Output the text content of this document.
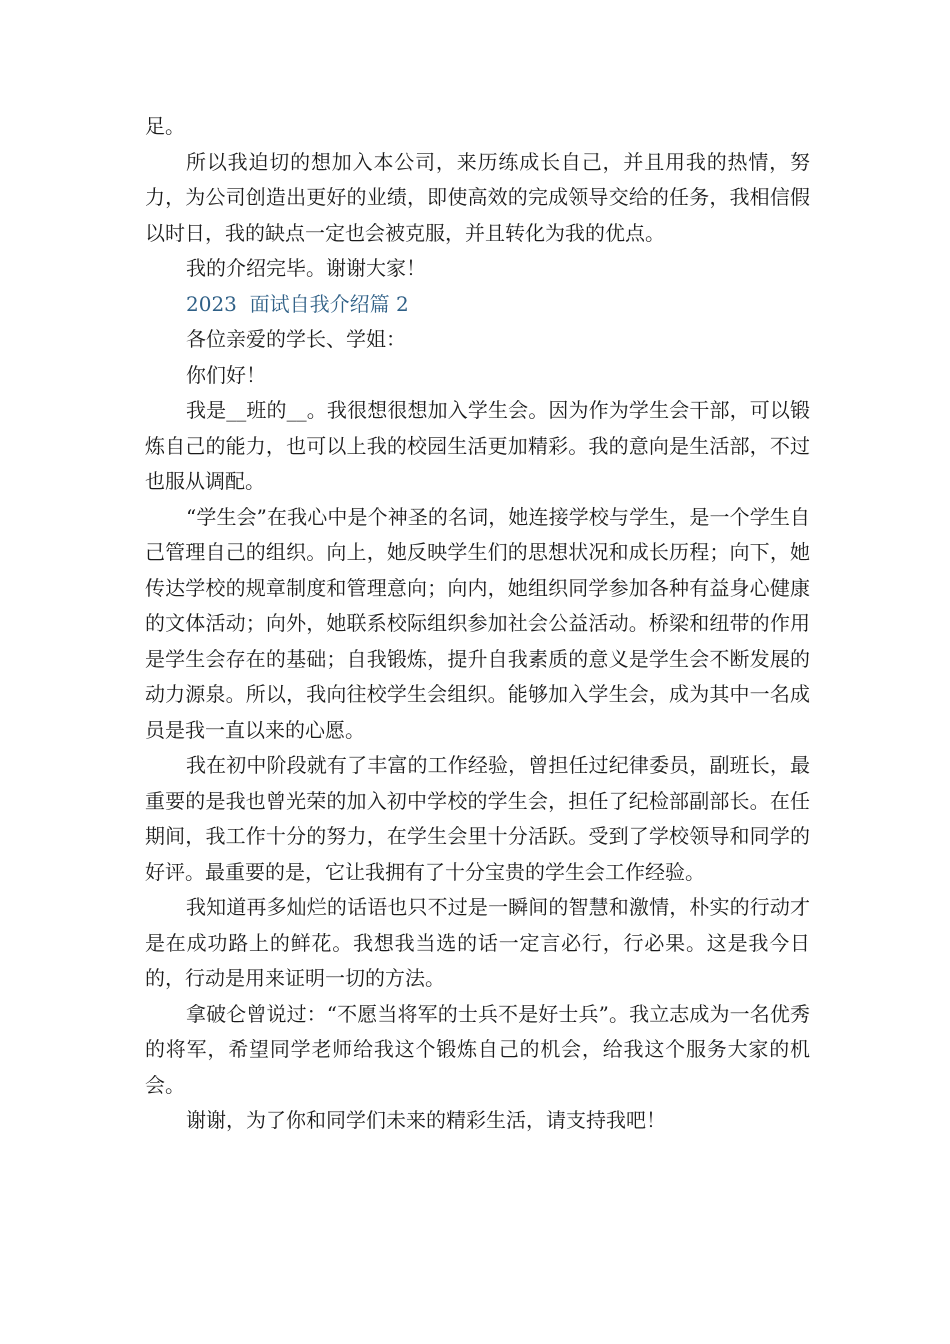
足。

所以我迫切的想加入本公司，来历练成长自己，并且用我的热情，努力，为公司创造出更好的业绩，即使高效的完成领导交给的任务，我相信假以时日，我的缺点一定也会被克服，并且转化为我的优点。

我的介绍完毕。谢谢大家！

2023  面试自我介绍篇 2

各位亲爱的学长、学姐：

你们好！

我是__班的__。我很想很想加入学生会。因为作为学生会干部，可以锻炼自己的能力，也可以上我的校园生活更加精彩。我的意向是生活部，不过也服从调配。

“学生会”在我心中是个神圣的名词，她连接学校与学生，是一个学生自己管理自己的组织。向上，她反映学生们的思想状况和成长历程；向下，她传达学校的规章制度和管理意向；向内，她组织同学参加各种有益身心健康的文体活动；向外，她联系校际组织参加社会公益活动。桥梁和纽带的作用是学生会存在的基础；自我锻炼，提升自我素质的意义是学生会不断发展的动力源泉。所以，我向往校学生会组织。能够加入学生会，成为其中一名成员是我一直以来的心愿。

我在初中阶段就有了丰富的工作经验，曾担任过纪律委员，副班长，最重要的是我也曾光荣的加入初中学校的学生会，担任了纪检部副部长。在任期间，我工作十分的努力，在学生会里十分活跃。受到了学校领导和同学的好评。最重要的是，它让我拥有了十分宝贵的学生会工作经验。

我知道再多灿烂的话语也只不过是一瞬间的智慧和激情，朴实的行动才是在成功路上的鲜花。我想我当选的话一定言必行，行必果。这是我今日的，行动是用来证明一切的方法。

拿破仑曾说过：“不愿当将军的士兵不是好士兵”。我立志成为一名优秀的将军，希望同学老师给我这个锻炼自己的机会，给我这个服务大家的机会。

谢谢，为了你和同学们未来的精彩生活，请支持我吧！
